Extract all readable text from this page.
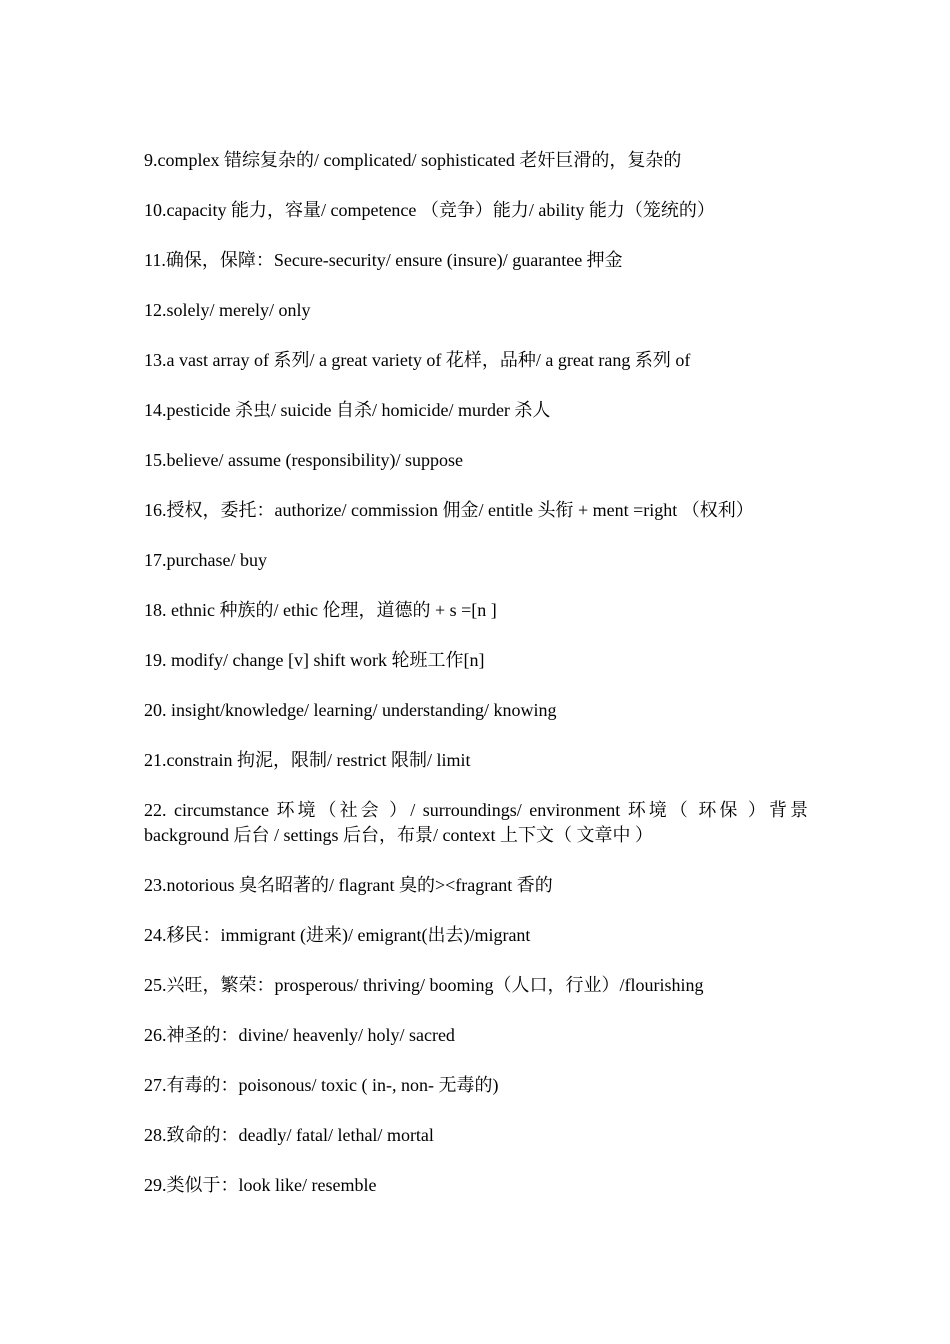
9.complex 错综复杂的/ complicated/ sophisticated 老奸巨滑的，复杂的

10.capacity 能力，容量/ competence （竞争）能力/ ability 能力（笼统的）

11.确保，保障：Secure-security/ ensure (insure)/ guarantee 押金

12.solely/ merely/ only

13.a vast array of 系列/ a great variety of 花样，品种/ a great rang 系列 of

14.pesticide 杀虫/ suicide 自杀/ homicide/ murder 杀人

15.believe/ assume (responsibility)/ suppose

16.授权，委托：authorize/ commission 佣金/ entitle 头衔 + ment =right （权利）

17.purchase/ buy

18. ethnic 种族的/ ethic 伦理，道德的 + s =[n ]

19. modify/ change [v] shift work 轮班工作[n]

20. insight/knowledge/ learning/ understanding/ knowing

21.constrain 拘泥，限制/ restrict 限制/ limit

22. circumstance 环境（社会 ）/ surroundings/ environment 环境（ 环保 ）背景 background 后台 / settings 后台，布景/ context 上下文（ 文章中 ）

23.notorious 臭名昭著的/ flagrant 臭的><fragrant 香的

24.移民：immigrant (进来)/ emigrant(出去)/migrant

25.兴旺，繁荣：prosperous/ thriving/ booming（人口，行业）/flourishing

26.神圣的：divine/ heavenly/ holy/ sacred

27.有毒的：poisonous/ toxic ( in-, non- 无毒的)

28.致命的：deadly/ fatal/ lethal/ mortal

29.类似于：look like/ resemble
